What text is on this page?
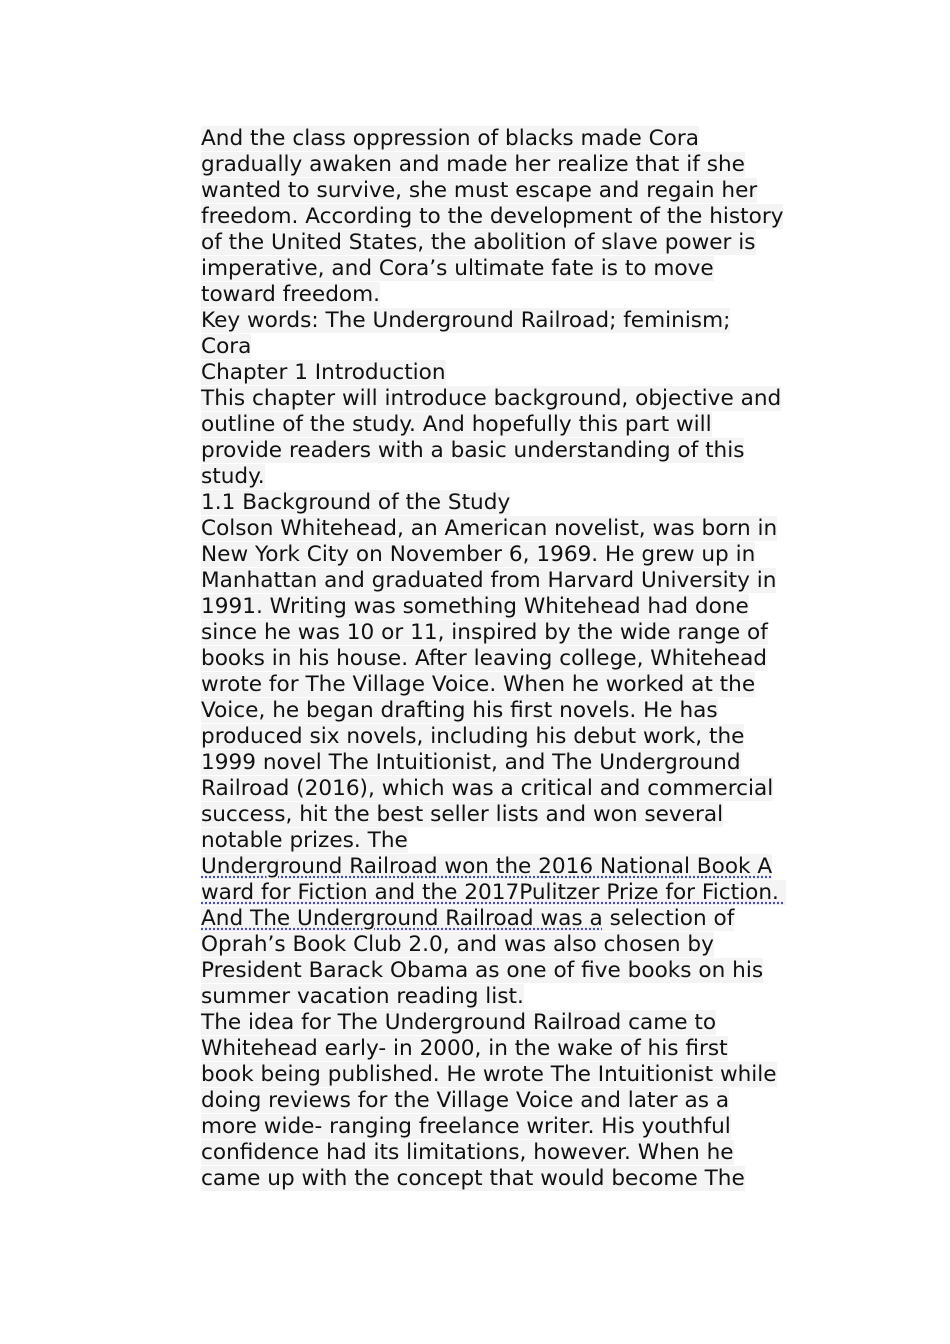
And the class oppression of blacks made Cora
gradually awaken and made her realize that if she
wanted to survive, she must escape and regain her
freedom. According to the development of the history
of the United States, the abolition of slave power is
imperative, and Cora’s ultimate fate is to move
toward freedom.
Key words: The Underground Railroad; feminism;
Cora
Chapter 1 Introduction
This chapter will introduce background, objective and
outline of the study. And hopefully this part will
provide readers with a basic understanding of this
study.
1.1 Background of the Study
Colson Whitehead, an American novelist, was born in
New York City on November 6, 1969. He grew up in
Manhattan and graduated from Harvard University in
1991. Writing was something Whitehead had done
since he was 10 or 11, inspired by the wide range of
books in his house. After leaving college, Whitehead
wrote for The Village Voice. When he worked at the
Voice, he began drafting his first novels. He has
produced six novels, including his debut work, the
1999 novel The Intuitionist, and The Underground
Railroad (2016), which was a critical and commercial
success, hit the best seller lists and won several
notable prizes. The
Underground Railroad won the 2016 National Book A
ward for Fiction and the 2017Pulitzer Prize for Fiction.
And The Underground Railroad was a selection of
Oprah’s Book Club 2.0, and was also chosen by
President Barack Obama as one of five books on his
summer vacation reading list.
The idea for The Underground Railroad came to
Whitehead early- in 2000, in the wake of his first
book being published. He wrote The Intuitionist while
doing reviews for the Village Voice and later as a
more wide- ranging freelance writer. His youthful
confidence had its limitations, however. When he
came up with the concept that would become The
